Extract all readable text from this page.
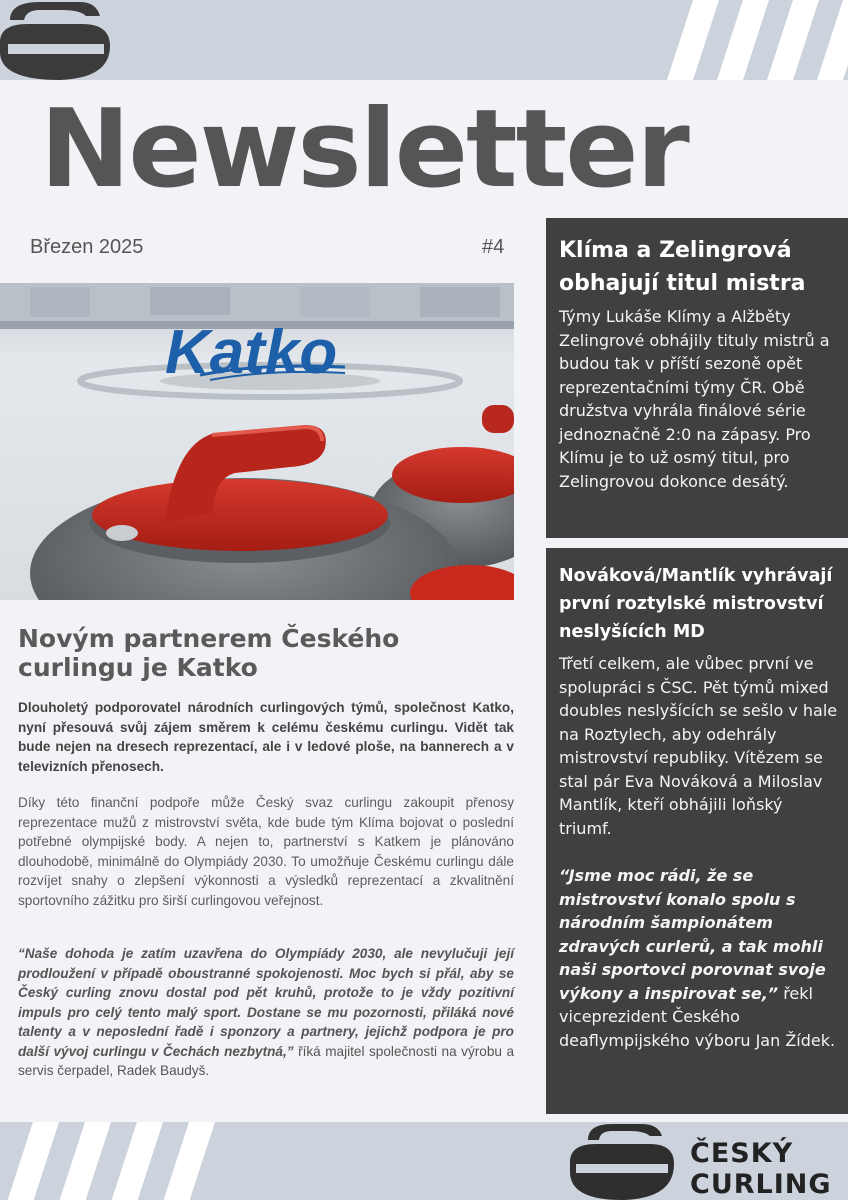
Newsletter
Březen 2025	#4
Katko
Novým partnerem Českého curlingu je Katko
Dlouholetý podporovatel národních curlingových týmů, společnost Katko, nyní přesouvá svůj zájem směrem k celému českému curlingu. Vidět tak bude nejen na dresech reprezentací, ale i v ledové ploše, na bannerech a v televizních přenosech.
Díky této finanční podpoře může Český svaz curlingu zakoupit přenosy reprezentace mužů z mistrovství světa, kde bude tým Klíma bojovat o poslední potřebné olympijské body. A nejen to, partnerství s Katkem je plánováno dlouhodobě, minimálně do Olympiády 2030. To umožňuje Českému curlingu dále rozvíjet snahy o zlepšení výkonnosti a výsledků reprezentací a zkvalitnění sportovního zážitku pro širší curlingovou veřejnost.
“Naše dohoda je zatím uzavřena do Olympiády 2030, ale nevylučuji její prodloužení v případě oboustranné spokojenosti. Moc bych si přál, aby se Český curling znovu dostal pod pět kruhů, protože to je vždy pozitivní impuls pro celý tento malý sport. Dostane se mu pozornosti, přiláká nové talenty a v neposlední řadě i sponzory a partnery, jejichž podpora je pro další vývoj curlingu v Čechách nezbytná,” říká majitel společnosti na výrobu a servis čerpadel, Radek Baudyš.
Klíma a Zelingrová obhajují titul mistra
Týmy Lukáše Klímy a Alžběty Zelingrové obhájily tituly mistrů a budou tak v příští sezoně opět reprezentačními týmy ČR. Obě družstva vyhrála finálové série jednoznačně 2:0 na zápasy. Pro Klímu je to už osmý titul, pro Zelingrovou dokonce desátý.
Nováková/Mantlík vyhrávají první roztylské mistrovství neslyšících MD
Třetí celkem, ale vůbec první ve spolupráci s ČSC. Pět týmů mixed doubles neslyšících se sešlo v hale na Roztylech, aby odehrály mistrovství republiky. Vítězem se stal pár Eva Nováková a Miloslav Mantlík, kteří obhájili loňský triumf.
“Jsme moc rádi, že se mistrovství konalo spolu s národním šampionátem zdravých curlerů, a tak mohli naši sportovci porovnat svoje výkony a inspirovat se,” řekl viceprezident Českého deaflympijského výboru Jan Žídek.
ČESKÝ
CURLING
